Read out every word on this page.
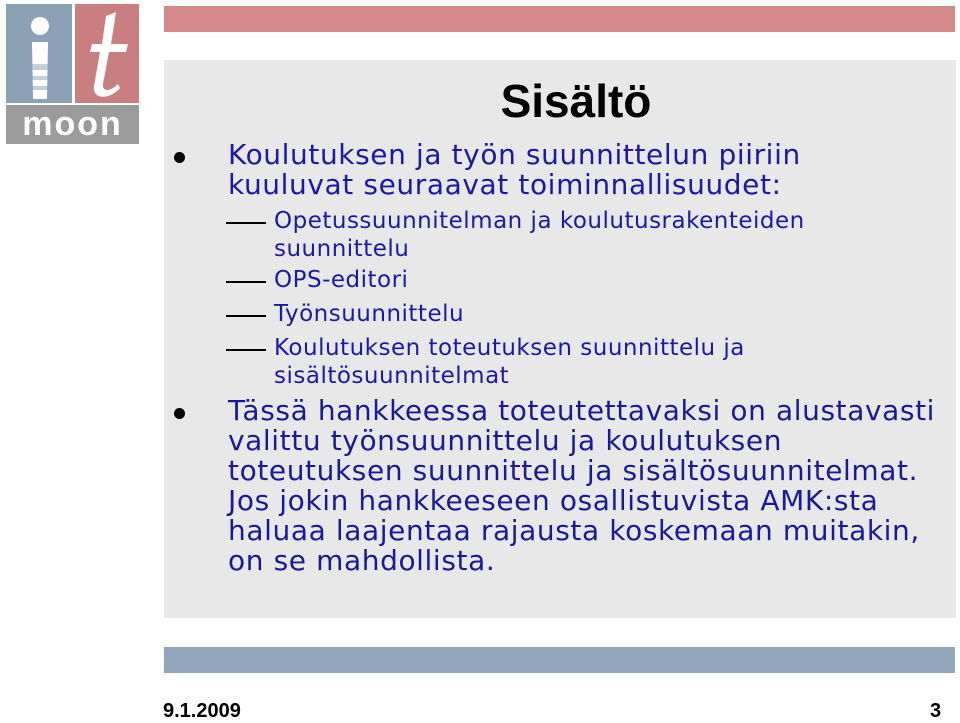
moon	Sisältö

Koulutuksen ja työn suunnittelun piiriin kuuluvat seuraavat toiminnallisuudet:

Opetussuunnitelman ja koulutusrakenteiden suunnittelu

OPS-editori

Työnsuunnittelu

Koulutuksen toteutuksen suunnittelu ja sisältösuunnitelmat

Tässä hankkeessa toteutettavaksi on alustavasti valittu työnsuunnittelu ja koulutuksen toteutuksen suunnittelu ja sisältösuunnitelmat. Jos jokin hankkeeseen osallistuvista AMK:sta haluaa laajentaa rajausta koskemaan muitakin, on se mahdollista.

9.1.2009	3
